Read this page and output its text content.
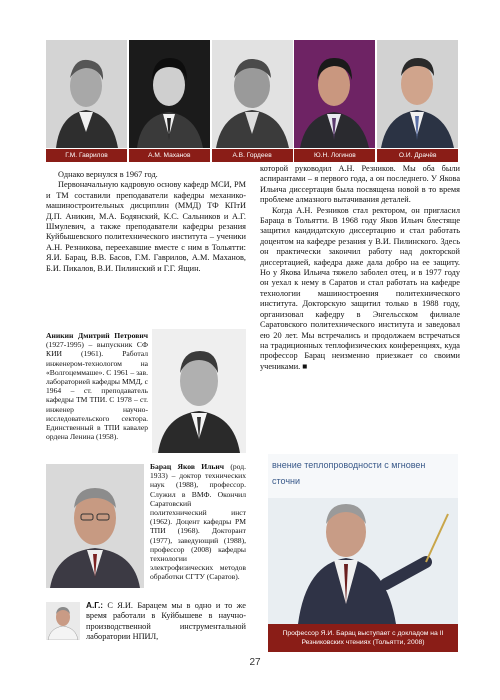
Г.М. Гаврилов	А.М. Маханов	А.В. Гордеев	Ю.Н. Логинов	О.И. Драчёв

Однако вернулся в 1967 год.

Первоначальную кадровую основу кафедр МСИ, РМ и ТМ составили преподаватели кафедры механико-машиностроительных дисциплин (ММД) ТФ КПтИ Д.П. Аникин, М.А. Бодянский, К.С. Сальников и А.Г. Шмулевич, а также преподаватели кафедры резания Куйбышевского политехнического института – ученики А.Н. Резникова, переехавшие вместе с ним в Тольятти: Я.И. Барац, В.В. Басов, Г.М. Гаврилов, А.М. Маханов, Б.И. Пикалов, В.И. Пилинский и Г.Г. Ящин.

Аникин Дмитрий Петрович (1927-1995) – выпускник СФ КИИ (1961). Работал инженером-технологом на «Волгоцеммаше». С 1961 – зав. лабораторией кафедры ММД, с 1964 – ст. преподаватель кафедры ТМ ТПИ. С 1978 – ст. инженер научно-исследовательского сектора. Единственный в ТПИ кавалер ордена Ленина (1958).
Барац Яков Ильич (род. 1933) – доктор технических наук (1988), профессор. Служил в ВМФ. Окончил Саратовский политехнический инст (1962). Доцент кафедры РМ ТПИ (1968). Докторант (1977), заведующий (1988), профессор (2008) кафедры технологии электрофизических методов обработки СГТУ (Саратов).
А.Г.: С Я.И. Барацем мы в одно и то же время работали в Куйбышеве в научно-производственной инструментальной лаборатории НПИЛ,

которой руководил А.Н. Резников. Мы оба были аспирантами – я первого года, а он последнего. У Якова Ильича диссертация была посвящена новой в то время проблеме алмазного вытачивания деталей.

Когда А.Н. Резников стал ректором, он пригласил Бараца в Тольятти. В 1968 году Яков Ильич блестяще защитил кандидатскую диссертацию и стал работать доцентом на кафедре резания у В.И. Пилинского. Здесь он практически закончил работу над докторской диссертацией, кафедра даже дала добро на ее защиту. Но у Якова Ильича тяжело заболел отец, и в 1977 году он уехал к нему в Саратов и стал работать на кафедре технологии машиностроения политехнического института. Докторскую защитил только в 1988 году, организовал кафедру в Энгельсском филиале Саратовского политехнического института и заведовал ею 20 лет. Мы встречались и продолжаем встречаться на традиционных теплофизических конференциях, куда профессор Барац неизменно приезжает со своими учениками. ■

внение теплопроводности с мгновен
сточни
Профессор Я.И. Барац выступает с докладом на II Резниковских чтениях (Тольятти, 2008)
27
